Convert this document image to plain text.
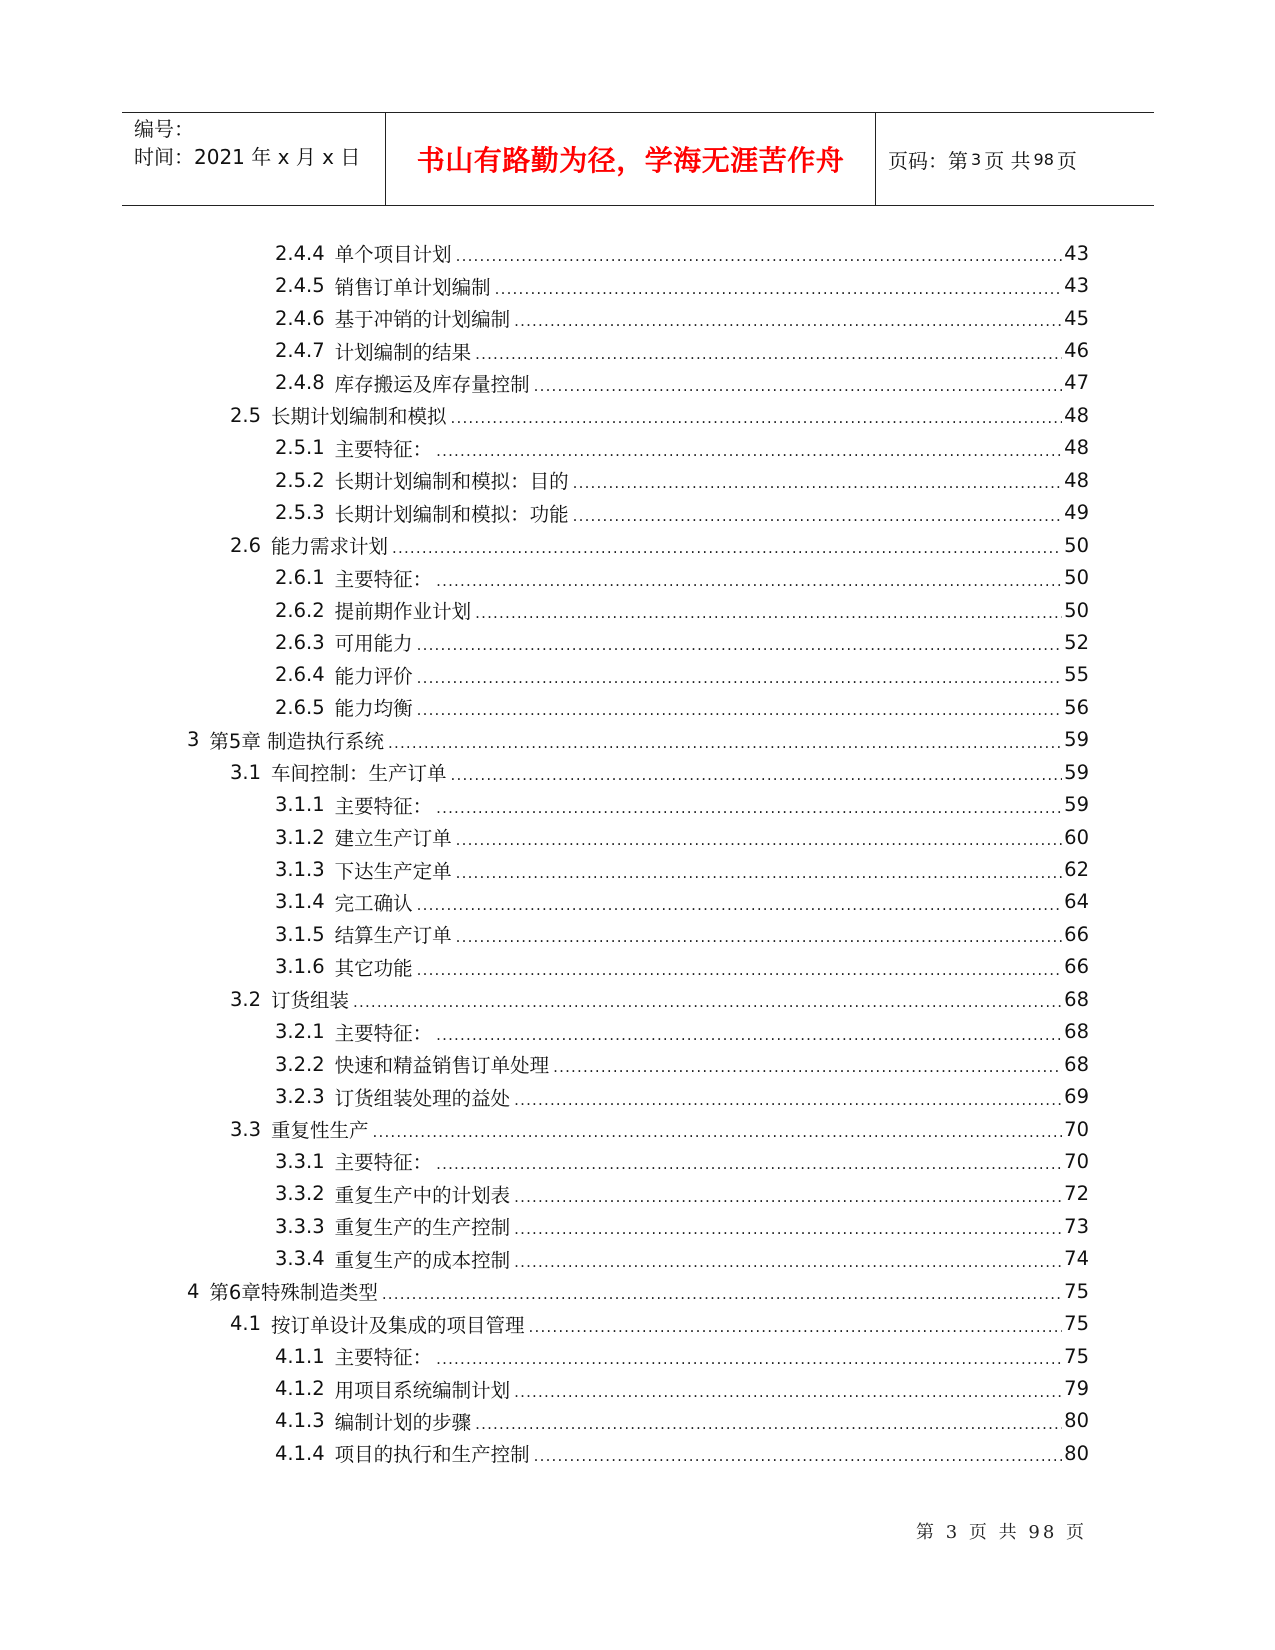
编号：
时间：2021 年 x 月 x 日	书山有路勤为径，学海无涯苦作舟	页码：第 3 页 共 98 页
2.4.4 单个项目计划 .....	43
2.4.5 销售订单计划编制 .....	43
2.4.6 基于冲销的计划编制 .....	45
2.4.7 计划编制的结果 .....	46
2.4.8 库存搬运及库存量控制 .....	47
2.5 长期计划编制和模拟 .....	48
2.5.1 主要特征： .....	48
2.5.2 长期计划编制和模拟：目的 .....	48
2.5.3 长期计划编制和模拟：功能 .....	49
2.6 能力需求计划 .....	50
2.6.1 主要特征： .....	50
2.6.2 提前期作业计划 .....	50
2.6.3 可用能力 .....	52
2.6.4 能力评价 .....	55
2.6.5 能力均衡 .....	56
3 第5章 制造执行系统 .....	59
3.1 车间控制：生产订单 .....	59
3.1.1 主要特征： .....	59
3.1.2 建立生产订单 .....	60
3.1.3 下达生产定单 .....	62
3.1.4 完工确认 .....	64
3.1.5 结算生产订单 .....	66
3.1.6 其它功能 .....	66
3.2 订货组装 .....	68
3.2.1 主要特征： .....	68
3.2.2 快速和精益销售订单处理 .....	68
3.2.3 订货组装处理的益处 .....	69
3.3 重复性生产 .....	70
3.3.1 主要特征： .....	70
3.3.2 重复生产中的计划表 .....	72
3.3.3 重复生产的生产控制 .....	73
3.3.4 重复生产的成本控制 .....	74
4 第6章特殊制造类型 .....	75
4.1 按订单设计及集成的项目管理 .....	75
4.1.1 主要特征： .....	75
4.1.2 用项目系统编制计划 .....	79
4.1.3 编制计划的步骤 .....	80
4.1.4 项目的执行和生产控制 .....	80
第 3 页 共 98 页
